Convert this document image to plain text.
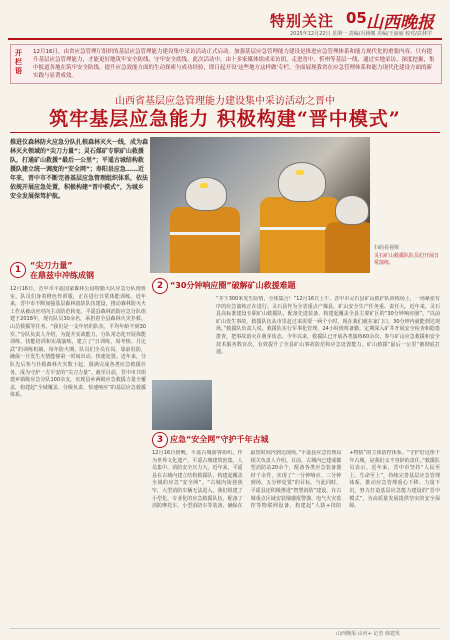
特别关注 05 山西晚报
2025年12月22日 星期一 责编/冯杨娜 美编/王丽丽 校对/武林学
开栏语
12月16日，由省应急管理厅组织的基层应急管理能力建设集中采访活动正式启动。加强基层应急管理能力建设是推进应急管理体系和能力现代化的重要内容，只有提升基层应急管理能力，才能更好地筑牢安全防线、守牢安全底线。此次活动中，由十多家媒体组成采访团，走进晋中、忻州等基层一线，通过实地采访、深度挖掘，集中报道各地在筑牢安全防线，提升应急效能方面的生动探索与成功经验，即日起开设'这些地方这样做'专栏，全面展现我省在应急管理体系和能力现代化建设方面的新实践与显著成效。
山西省基层应急管理能力建设集中采访活动之晋中
筑牢基层应急能力 积极构建“晋中模式”
推进仪森林防火应急分队扎根森林灭火一线，成为森林灭火领域的“尖刀力量”；灵石煤矿专职矿山救援队，打通矿山救援“最后一公里”；平遥古城结构救援队建立统一调度的“安全网”；寿阳县应急……近年来，晋中市不断完善基层应急管理组织体系，依法依规开展应急处置，积极构建“晋中模式”，为城乡安全发展保驾护航。
扫码看视频
灵石矿山救援队队员们开展日常演练。
1	“尖刀力量”
在鼎兹中冲练成钢
12月16日，晋中市平遥国家森林公园特勤大队应急分队值班室，队员们身着橙色作训服，正在进行日常体能训练。近年来，晋中市不断加强基层森林消防队伍建设，推动森林防灭火工作从被动应对向主动防范转变。平遥县森林消防应急分队组建于2018年，现有队员30余名，承担着全县森林火灾扑救、山岳救援等任务。“我们是一支年轻的队伍，平均年龄不到30岁。”分队负责人介绍，为提升实战能力，分队常态化开展体能训练、技能培训和实战演练，建立了“日训练、周考核、月比武”的训练机制。每年防火期，队员们全员在岗、靠前驻防，确保一旦发生火情能够第一时间出动、快速处置。近年来，分队先后参与扑救森林火灾数十起，圆满完成各类应急救援任务，成为守护一方平安的“尖刀力量”。截至目前，晋中市共组建乡镇级应急分队100余支，实现县乡两级应急救援力量全覆盖，构建起“全域覆盖、分级负责、快速响应”的基层应急救援体系。
2 “30分钟响应圈”破解矿山救援难题
“井下300米发生险情，全体集合！”12月16日上午，晋中市灵石县矿山救护队训练场上，一场紧张有序的应急演练正在进行。灵石县作为全省重点产煤县，矿山安全生产任务重、责任大。近年来，灵石县高标准建设专职矿山救援队，配备先进装备，构建起覆盖全县主要矿区的“30分钟响应圈”。“以前矿山发生事故，救援队伍从市里赶过来需要一两个小时，现在我们就在家门口，30分钟内就能到达现场。”救援队负责人说。救援队实行军事化管理，24小时值班备勤，定期深入矿井开展安全检查和隐患排查，把事故消灭在萌芽状态。今年以来，救援队已开展各类演练60余次，参与矿山应急救援和安全技术服务数百次，有效提升了全县矿山事故防范和应急处置能力。矿山救援“最后一公里”被彻底打通。
3 应急“安全网”守护千年古城
12月16日傍晚，平遥古城游客如织。作为世界文化遗产，平遥古城建筑密集、人员集中、消防安全压力大。近年来，平遥县在古城内建立结构救援队，构建起覆盖全域的应急“安全网”。“古城内街巷狭窄，大型消防车辆无法进入，我们组建了小型化、专业化的应急救援队伍，配备了消防摩托车、小型消防车等装备，确保在最短时间内到达现场。”平遥县应急管理局相关负责人介绍。目前，古城内已建成微型消防站20余个，配备各类应急装备器材千余件，实现了“一分钟响应、三分钟到场、五分钟处置”的目标。与此同时，平遥县还积极推进“智慧消防”建设，在古城重点区域安装烟感报警器、电气火灾监控等物联网设备，构建起“人防+技防+物防”的立体防控体系。“守护好这座千年古城，是我们义不容辞的责任。”救援队员表示。近年来，晋中市坚持“人民至上、生命至上”，持续完善基层应急管理体系，推动应急管理重心下移、力量下沉，努力打造基层应急能力建设的“晋中模式”，为高质量发展提供坚实的安全保障。
山西晚报·山河+ 记者 韩建英
